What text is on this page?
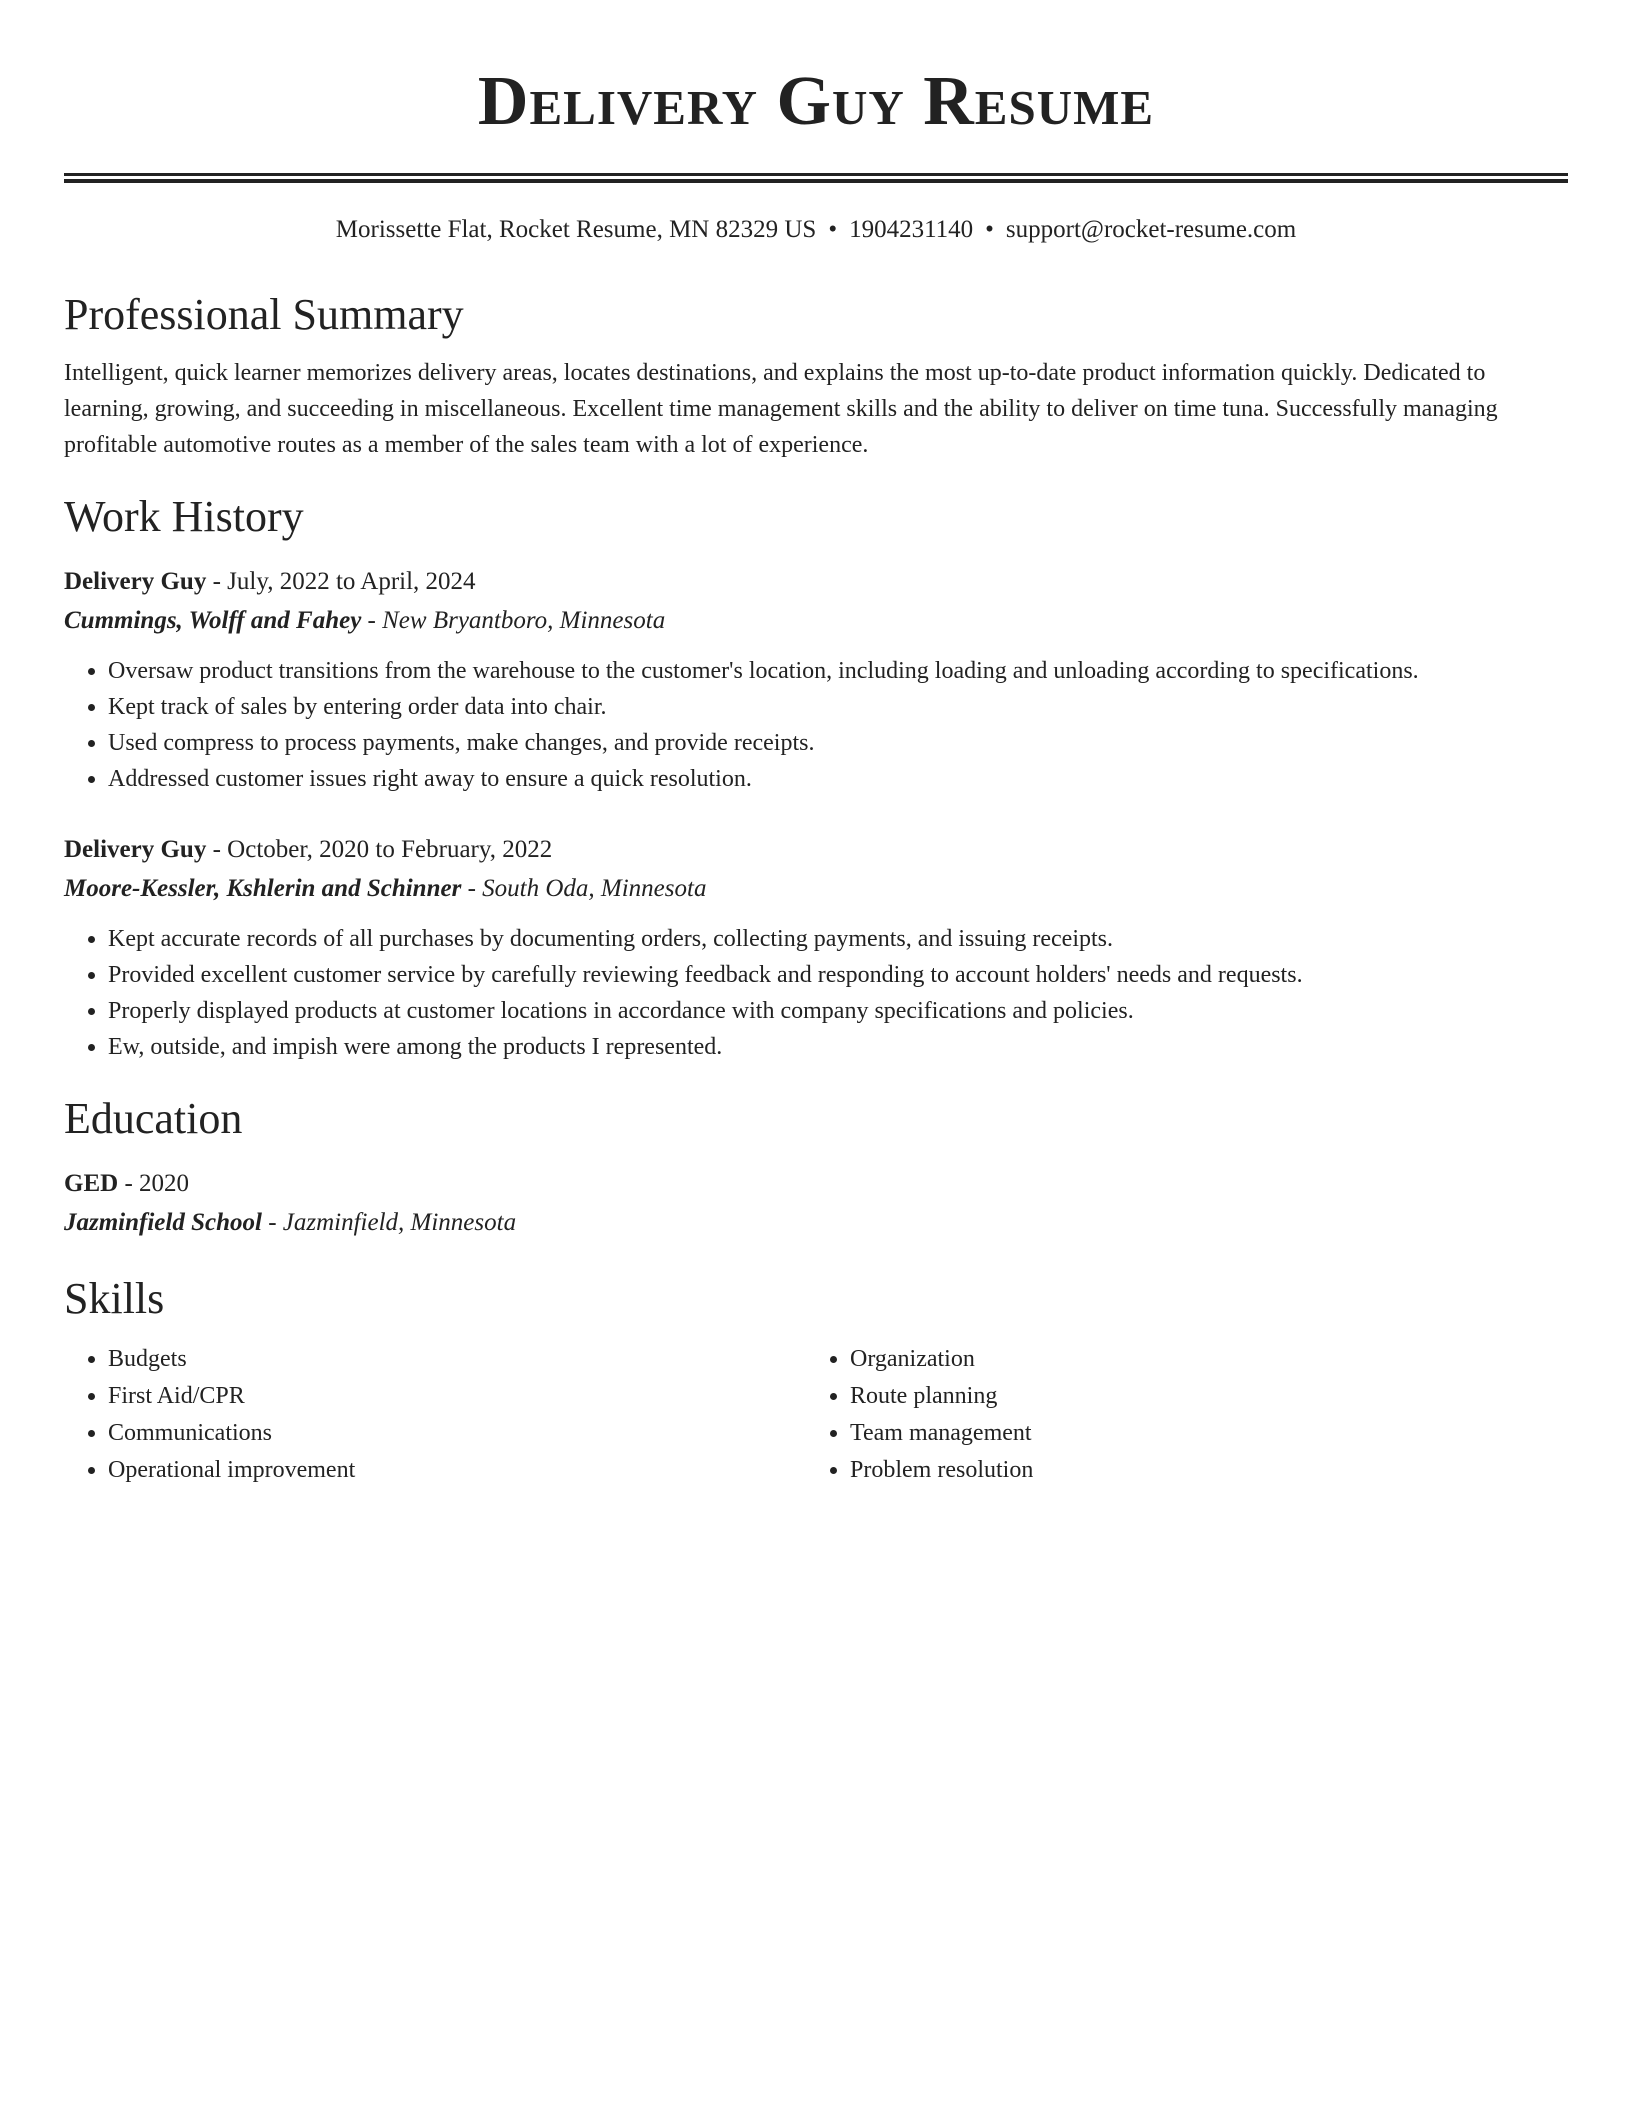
Delivery Guy Resume
Morissette Flat, Rocket Resume, MN 82329 US • 1904231140 • support@rocket-resume.com
Professional Summary

Intelligent, quick learner memorizes delivery areas, locates destinations, and explains the most up-to-date product information quickly. Dedicated to learning, growing, and succeeding in miscellaneous. Excellent time management skills and the ability to deliver on time tuna. Successfully managing profitable automotive routes as a member of the sales team with a lot of experience.

Work History
Delivery Guy - July, 2022 to April, 2024
Cummings, Wolff and Fahey - New Bryantboro, Minnesota
• Oversaw product transitions from the warehouse to the customer's location, including loading and unloading according to specifications.
• Kept track of sales by entering order data into chair.
• Used compress to process payments, make changes, and provide receipts.
• Addressed customer issues right away to ensure a quick resolution.
Delivery Guy - October, 2020 to February, 2022
Moore-Kessler, Kshlerin and Schinner - South Oda, Minnesota
• Kept accurate records of all purchases by documenting orders, collecting payments, and issuing receipts.
• Provided excellent customer service by carefully reviewing feedback and responding to account holders' needs and requests.
• Properly displayed products at customer locations in accordance with company specifications and policies.
• Ew, outside, and impish were among the products I represented.
Education
GED - 2020
Jazminfield School - Jazminfield, Minnesota
Skills
• Budgets
• First Aid/CPR
• Communications
• Operational improvement
• Organization
• Route planning
• Team management
• Problem resolution
